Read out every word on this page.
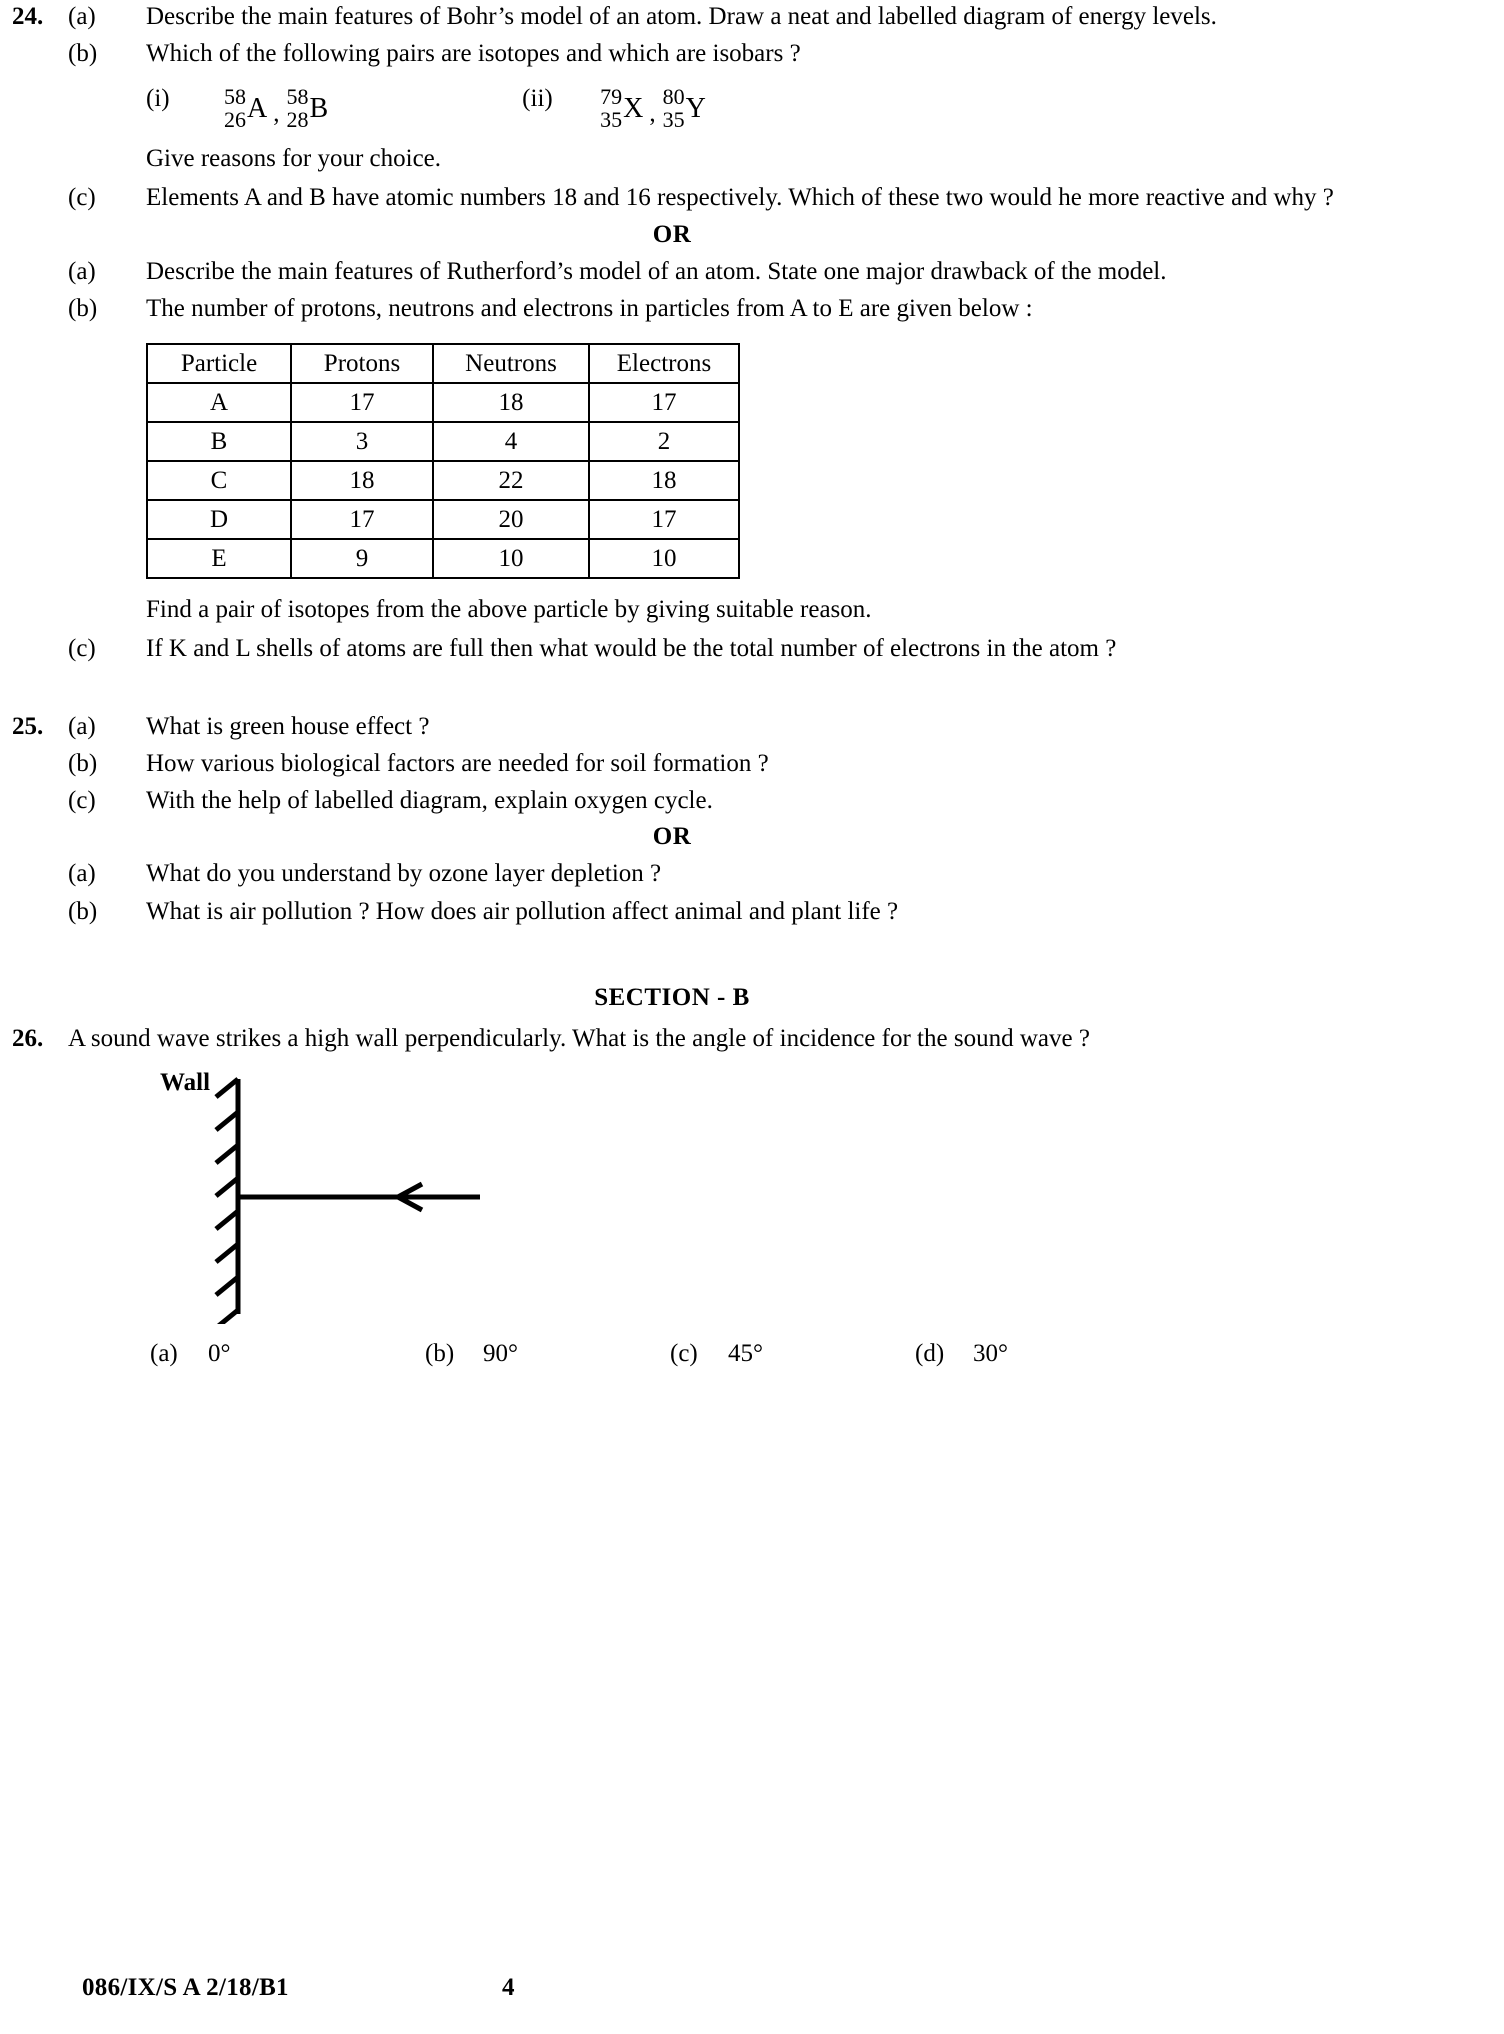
24. (a)	Describe the main features of Bohr’s model of an atom. Draw a neat and labelled diagram of energy levels.
(b)	Which of the following pairs are isotopes and which are isobars ?
(i)	58
26 A ,
58
28 B	(ii)	79
35 X ,
80
35 Y
Give reasons for your choice.
(c)	Elements A and B have atomic numbers 18 and 16 respectively. Which of these two would he more reactive and why ?
OR
(a)	Describe the main features of Rutherford’s model of an atom. State one major drawback of the model.
(b)	The number of protons, neutrons and electrons in particles from A to E are given below :
Particle	Protons	Neutrons	Electrons
A	17	18	17
B	3	4	2
C	18	22	18
D	17	20	17
E	9	10	10
Find a pair of isotopes from the above particle by giving suitable reason.
(c)	If K and L shells of atoms are full then what would be the total number of electrons in the atom ?
25. (a)	What is green house effect ?
(b)	How various biological factors are needed for soil formation ?
(c)	With the help of labelled diagram, explain oxygen cycle.
OR
(a)	What do you understand by ozone layer depletion ?
(b)	What is air pollution ? How does air pollution affect animal and plant life ?
SECTION - B
26. A sound wave strikes a high wall perpendicularly. What is the angle of incidence for the sound wave ?
Wall
(a)	0°	(b)	90°	(c)	45°	(d)	30°
086/IX/S A 2/18/B1	4
